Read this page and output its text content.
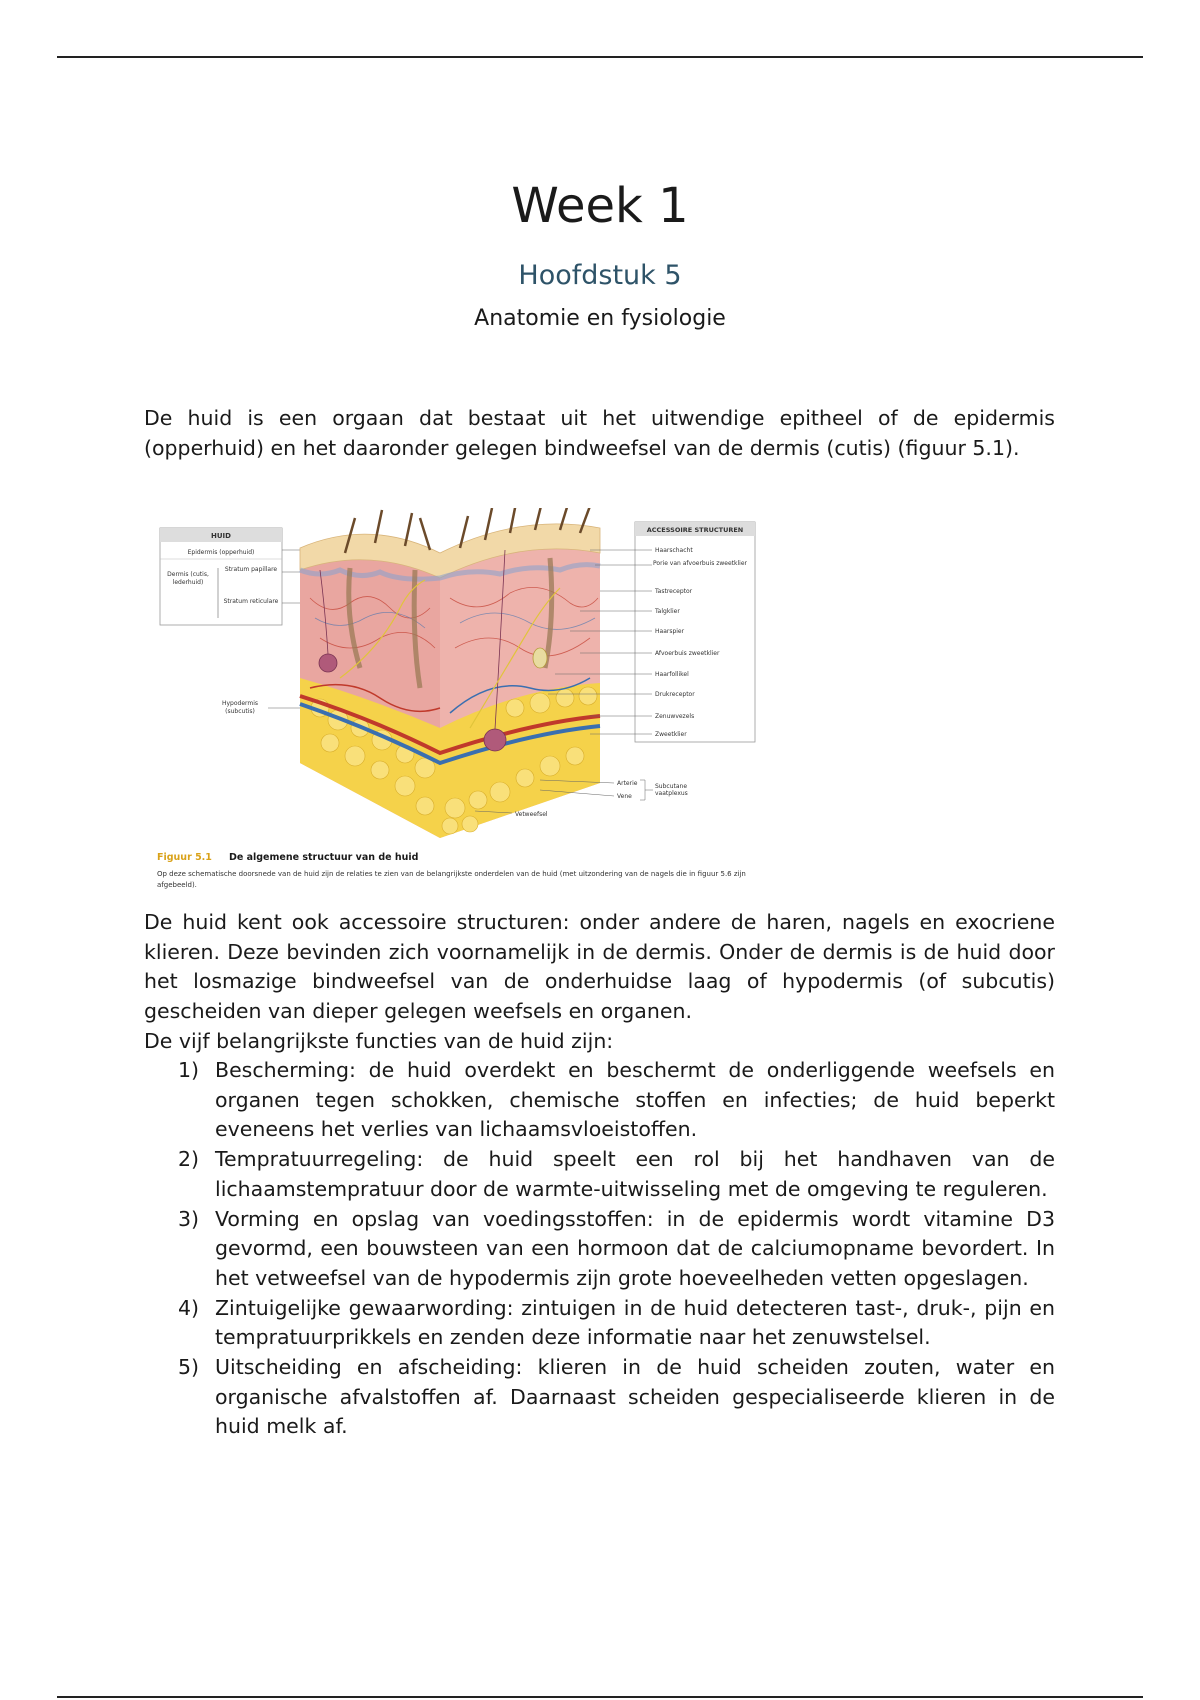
Week 1
Hoofdstuk 5
Anatomie en fysiologie
De huid is een orgaan dat bestaat uit het uitwendige epitheel of de epidermis (opperhuid) en het daaronder gelegen bindweefsel van de dermis (cutis) (figuur 5.1).
HUID
Epidermis (opperhuid)
Dermis (cutis, lederhuid)
Stratum papillare
Stratum reticulare
Hypodermis (subcutis)
ACCESSOIRE STRUCTUREN
Haarschacht
Porie van afvoerbuis zweetklier
Tastreceptor
Talgklier
Haarspier
Afvoerbuis zweetklier
Haarfollikel
Drukreceptor
Zenuwvezels
Zweetklier
Arterie
Vene
Subcutane vaatplexus
Vetweefsel
Figuur 5.1 De algemene structuur van de huid
Op deze schematische doorsnede van de huid zijn de relaties te zien van de belangrijkste onderdelen van de huid (met uitzondering van de nagels die in figuur 5.6 zijn afgebeeld).
De huid kent ook accessoire structuren: onder andere de haren, nagels en exocriene klieren. Deze bevinden zich voornamelijk in de dermis. Onder de dermis is de huid door het losmazige bindweefsel van de onderhuidse laag of hypodermis (of subcutis) gescheiden van dieper gelegen weefsels en organen.
De vijf belangrijkste functies van de huid zijn:
1) Bescherming: de huid overdekt en beschermt de onderliggende weefsels en organen tegen schokken, chemische stoffen en infecties; de huid beperkt eveneens het verlies van lichaamsvloeistoffen.
2) Tempratuurregeling: de huid speelt een rol bij het handhaven van de lichaamstempratuur door de warmte-uitwisseling met de omgeving te reguleren.
3) Vorming en opslag van voedingsstoffen: in de epidermis wordt vitamine D3 gevormd, een bouwsteen van een hormoon dat de calciumopname bevordert. In het vetweefsel van de hypodermis zijn grote hoeveelheden vetten opgeslagen.
4) Zintuigelijke gewaarwording: zintuigen in de huid detecteren tast-, druk-, pijn en tempratuurprikkels en zenden deze informatie naar het zenuwstelsel.
5) Uitscheiding en afscheiding: klieren in de huid scheiden zouten, water en organische afvalstoffen af. Daarnaast scheiden gespecialiseerde klieren in de huid melk af.
